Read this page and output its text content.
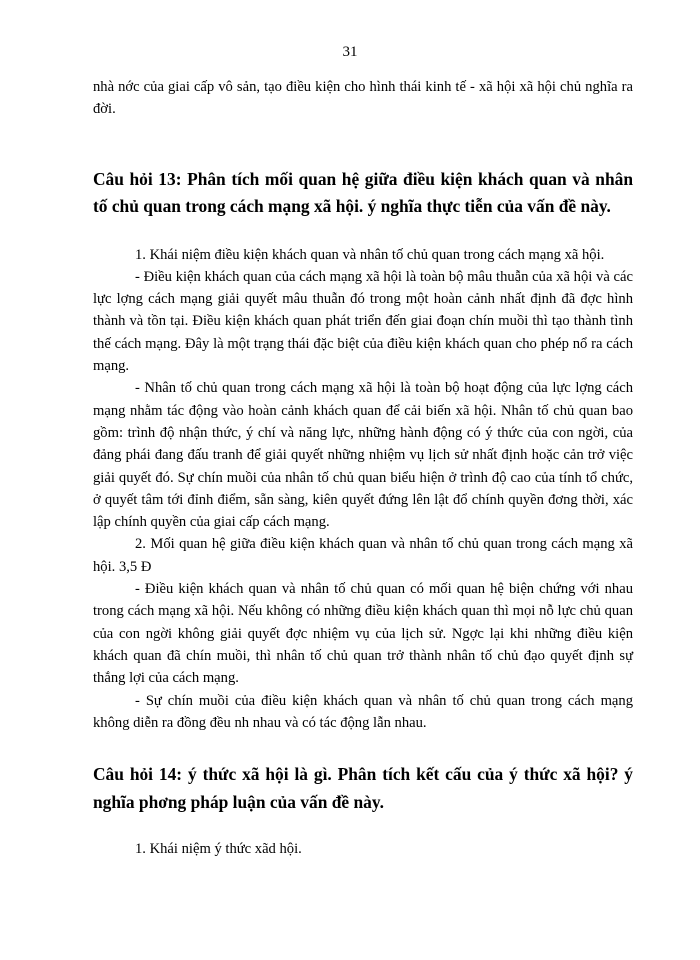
31

nhà nớc của giai cấp vô sản, tạo điều kiện cho hình thái kinh tế - xã hội xã hội chủ nghĩa ra đời.

Câu hỏi 13: Phân tích mối quan hệ giữa điều kiện khách quan và nhân tố chủ quan trong cách mạng xã hội. ý nghĩa thực tiễn của vấn đề này.

1. Khái niệm điều kiện khách quan và nhân tố chủ quan trong cách mạng xã hội.

- Điều kiện khách quan của cách mạng xã hội là toàn bộ mâu thuẫn của xã hội và các lực lợng cách mạng giải quyết mâu thuẫn đó trong một hoàn cảnh nhất định đã đợc hình thành và tồn tại. Điều kiện khách quan phát triển đến giai đoạn chín muồi thì tạo thành tình thế cách mạng. Đây là một trạng thái đặc biệt của điều kiện khách quan cho phép nổ ra cách mạng.

- Nhân tố chủ quan trong cách mạng xã hội là toàn bộ hoạt động của lực lợng cách mạng nhằm tác động vào hoàn cảnh khách quan để cải biến xã hội. Nhân tố chủ quan bao gồm: trình độ nhận thức, ý chí và năng lực, những hành động có ý thức của con ngời, của đảng phái đang đấu tranh để giải quyết những nhiệm vụ lịch sử nhất định hoặc cản trở việc giải quyết đó. Sự chín muồi của nhân tố chủ quan biểu hiện ở trình độ cao của tính tổ chức, ở quyết tâm tới đỉnh điểm, sẵn sàng, kiên quyết đứng lên lật đổ chính quyền đơng thời, xác lập chính quyền của giai cấp cách mạng.

2. Mối quan hệ giữa điều kiện khách quan và nhân tố chủ quan trong cách mạng xã hội. 3,5 Đ

- Điều kiện khách quan và nhân tố chủ quan có mối quan hệ biện chứng với nhau trong cách mạng xã hội. Nếu không có những điều kiện khách quan thì mọi nỗ lực chủ quan của con ngời không giải quyết đợc nhiệm vụ của lịch sử. Ngợc lại khi những điều kiện khách quan đã chín muồi, thì nhân tố chủ quan trở thành nhân tố chủ đạo quyết định sự thắng lợi của cách mạng.

- Sự chín muồi của điều kiện khách quan và nhân tố chủ quan trong cách mạng không diễn ra đồng đều nh nhau và có tác động lẫn nhau.

Câu hỏi 14: ý thức xã hội là gì. Phân tích kết cấu của ý thức xã hội? ý nghĩa phơng pháp luận của vấn đề này.

1. Khái niệm ý thức xãd hội.
